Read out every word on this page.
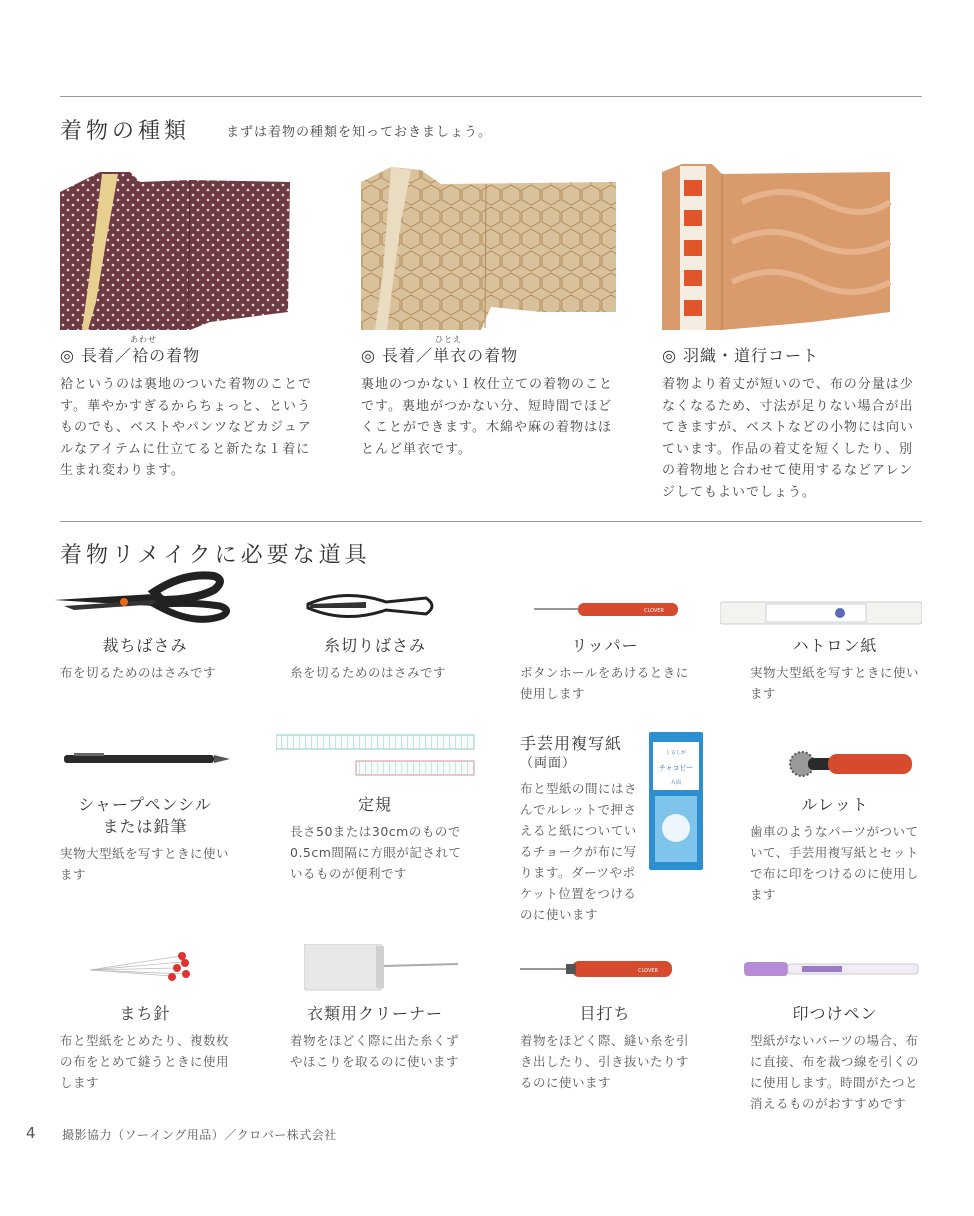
着物の種類	まずは着物の種類を知っておきましょう。
◎ 長着／
あわせ
袷の着物
袷というのは裏地のついた着物のことです。華やかすぎるからちょっと、というものでも、ベストやパンツなどカジュアルなアイテムに仕立てると新たな１着に生まれ変わります。
◎ 長着／
ひとえ
単衣の着物
裏地のつかない１枚仕立ての着物のことです。裏地がつかない分、短時間でほどくことができます。木綿や麻の着物はほとんど単衣です。
◎ 羽織・道行コート
着物より着丈が短いので、布の分量は少なくなるため、寸法が足りない場合が出てきますが、ベストなどの小物には向いています。作品の着丈を短くしたり、別の着物地と合わせて使用するなどアレンジしてもよいでしょう。
着物リメイクに必要な道具
CLOVER
裁ちばさみ
布を切るためのはさみです
糸切りばさみ
糸を切るためのはさみです
リッパー
ボタンホールをあけるときに使用します
ハトロン紙
実物大型紙を写すときに使います
しるしが
チャコピー
片面
シャープペンシル
または鉛筆
実物大型紙を写すときに使います
定規
長さ50または30cmのもので0.5cm間隔に方眼が記されているものが便利です
手芸用複写紙
（両面）
布と型紙の間にはさんでルレットで押さえると紙についているチョークが布に写ります。ダーツやポケット位置をつけるのに使います
ルレット
歯車のようなパーツがついていて、手芸用複写紙とセットで布に印をつけるのに使用します
CLOVER
まち針
布と型紙をとめたり、複数枚の布をとめて縫うときに使用します
衣類用クリーナー
着物をほどく際に出た糸くずやほこりを取るのに使います
目打ち
着物をほどく際、縫い糸を引き出したり、引き抜いたりするのに使います
印つけペン
型紙がないパーツの場合、布に直接、布を裁つ線を引くのに使用します。時間がたつと消えるものがおすすめです
4 撮影協力（ソーイング用品）／クロバー株式会社
